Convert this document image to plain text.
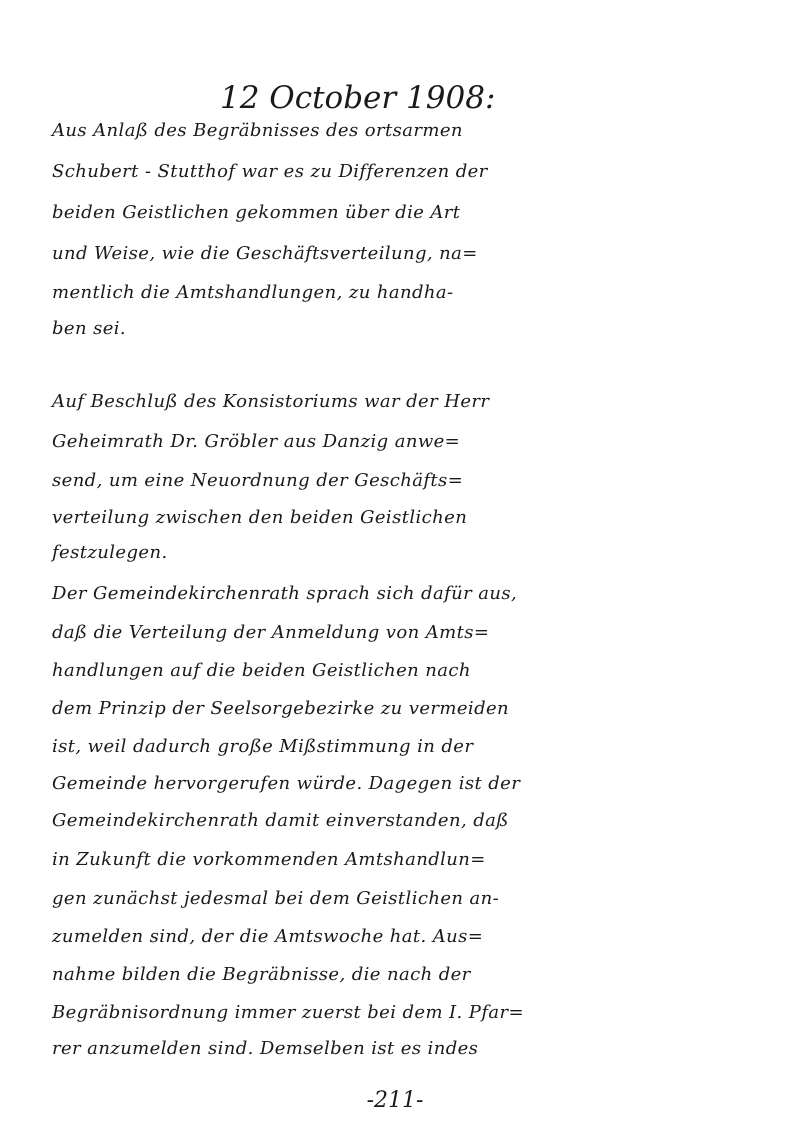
12 October 1908:
Aus Anlaß des Begräbnisses des ortsarmen
Schubert - Stutthof war es zu Differenzen der
beiden Geistlichen gekommen über die Art
und Weise, wie die Geschäftsverteilung, na=
mentlich die Amtshandlungen, zu handha-
ben sei.
Auf Beschluß des Konsistoriums war der Herr
Geheimrath Dr. Gröbler aus Danzig anwe=
send, um eine Neuordnung der Geschäfts=
verteilung zwischen den beiden Geistlichen
festzulegen.
Der Gemeindekirchenrath sprach sich dafür aus,
daß die Verteilung der Anmeldung von Amts=
handlungen auf die beiden Geistlichen nach
dem Prinzip der Seelsorgebezirke zu vermeiden
ist, weil dadurch große Mißstimmung in der
Gemeinde hervorgerufen würde. Dagegen ist der
Gemeindekirchenrath damit einverstanden, daß
in Zukunft die vorkommenden Amtshandlun=
gen zunächst jedesmal bei dem Geistlichen an-
zumelden sind, der die Amtswoche hat. Aus=
nahme bilden die Begräbnisse, die nach der
Begräbnisordnung immer zuerst bei dem I. Pfar=
rer anzumelden sind. Demselben ist es indes
-211-
